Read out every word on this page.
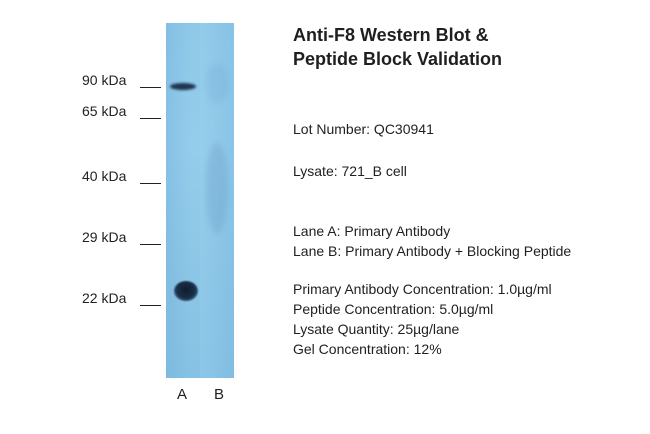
90 kDa
65 kDa
40 kDa
29 kDa
22 kDa
A B
Anti-F8 Western Blot &
Peptide Block Validation
Lot Number: QC30941
Lysate: 721_B cell
Lane A: Primary Antibody
Lane B: Primary Antibody + Blocking Peptide
Primary Antibody Concentration: 1.0µg/ml
Peptide Concentration: 5.0µg/ml
Lysate Quantity: 25µg/lane
Gel Concentration: 12%
